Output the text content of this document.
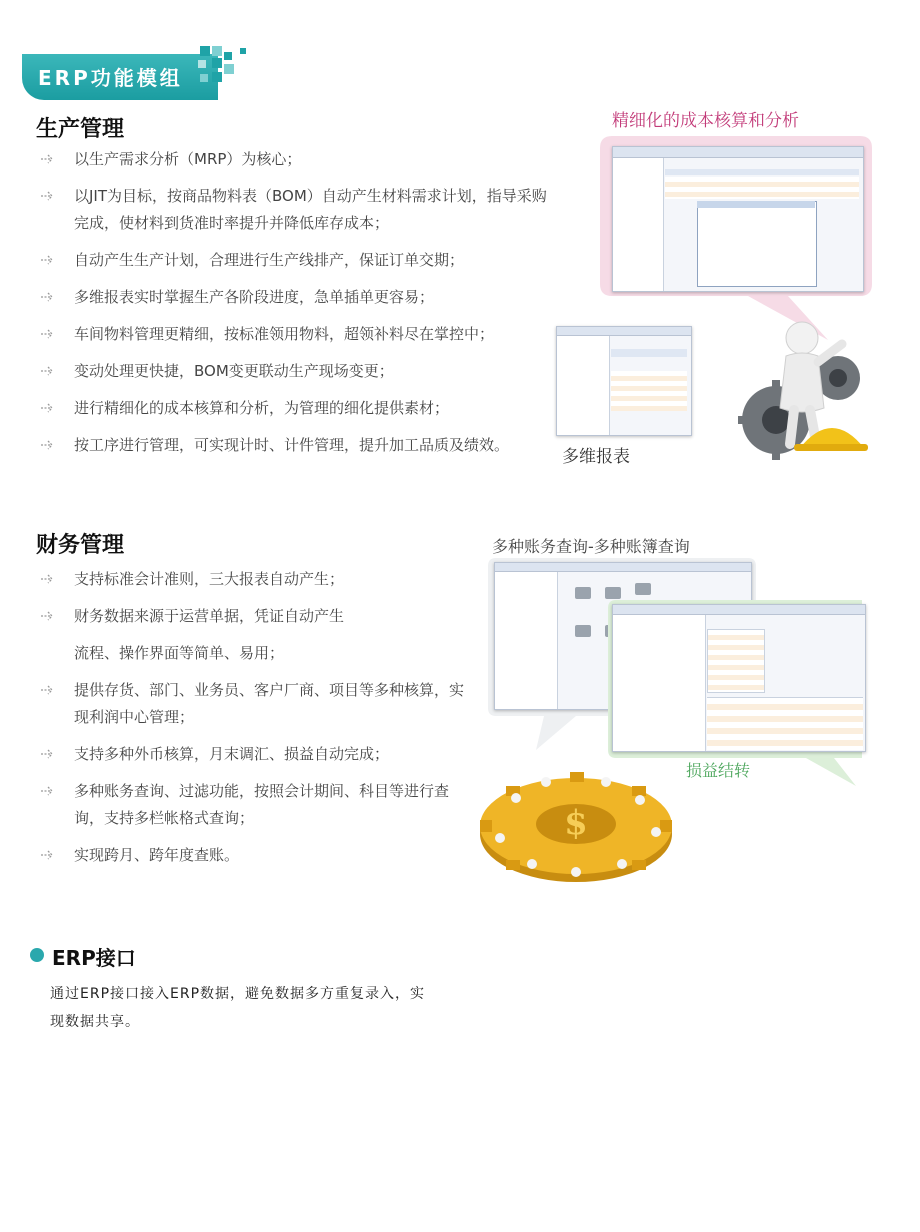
ERP功能模组
生产管理
以生产需求分析（MRP）为核心；
以JIT为目标，按商品物料表（BOM）自动产生材料需求计划，指导采购完成，使材料到货准时率提升并降低库存成本；
自动产生生产计划，合理进行生产线排产，保证订单交期；
多维报表实时掌握生产各阶段进度，急单插单更容易；
车间物料管理更精细，按标准领用物料，超领补料尽在掌控中；
变动处理更快捷，BOM变更联动生产现场变更；
进行精细化的成本核算和分析，为管理的细化提供素材；
按工序进行管理，可实现计时、计件管理，提升加工品质及绩效。
精细化的成本核算和分析
多维报表
财务管理
支持标准会计准则，三大报表自动产生；
财务数据来源于运营单据，凭证自动产生
流程、操作界面等简单、易用；
提供存货、部门、业务员、客户厂商、项目等多种核算，实现利润中心管理；
支持多种外币核算，月末调汇、损益自动完成；
多种账务查询、过滤功能，按照会计期间、科目等进行查询，支持多栏帐格式查询；
实现跨月、跨年度查账。
多种账务查询-多种账簿查询
损益结转
$
ERP接口
通过ERP接口接入ERP数据，避免数据多方重复录入，实现数据共享。
